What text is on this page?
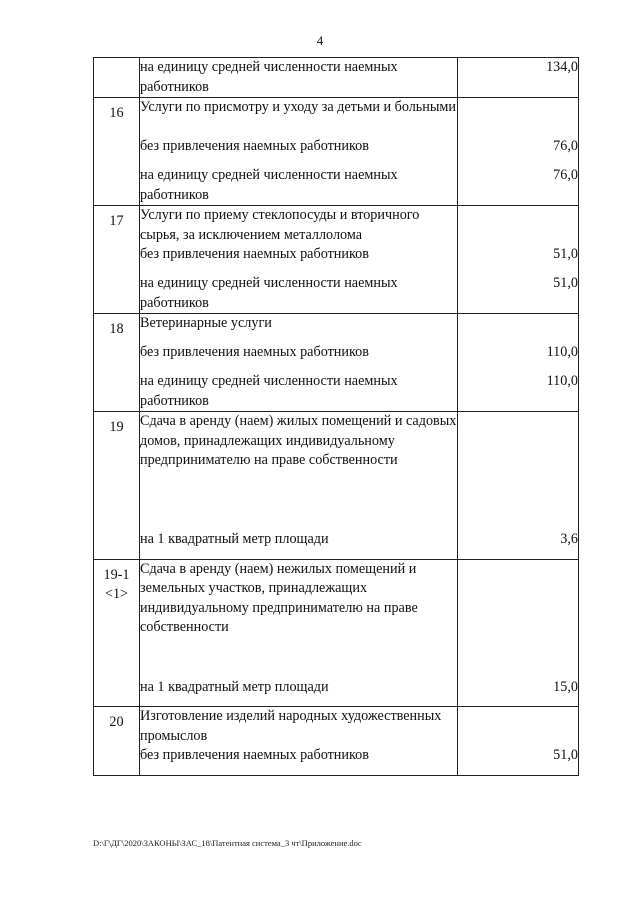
4
	на единицу средней численности наемных работников	134,0
16	Услуги по присмотру и уходу за детьми и больными	
	без привлечения наемных работников	76,0
	на единицу средней численности наемных работников	76,0
17	Услуги по приему стеклопосуды и вторичного сырья, за исключением металлолома	
	без привлечения наемных работников	51,0
	на единицу средней численности наемных работников	51,0
18	Ветеринарные услуги	
	без привлечения наемных работников	110,0
	на единицу средней численности наемных работников	110,0
19	Сдача в аренду (наем) жилых помещений и садовых домов, принадлежащих индивидуальному предпринимателю на праве собственности	
	на 1 квадратный метр площади	3,6
19-1 <1>	Сдача в аренду (наем) нежилых помещений и земельных участков, принадлежащих индивидуальному предпринимателю на праве собственности	
	на 1 квадратный метр площади	15,0
20	Изготовление изделий народных художественных промыслов	
	без привлечения наемных работников	51,0
D:\Г\ДГ\2020\ЗАКОНЫ\ЗАС_18\Патентная система_3 чт\Приложение.doc
